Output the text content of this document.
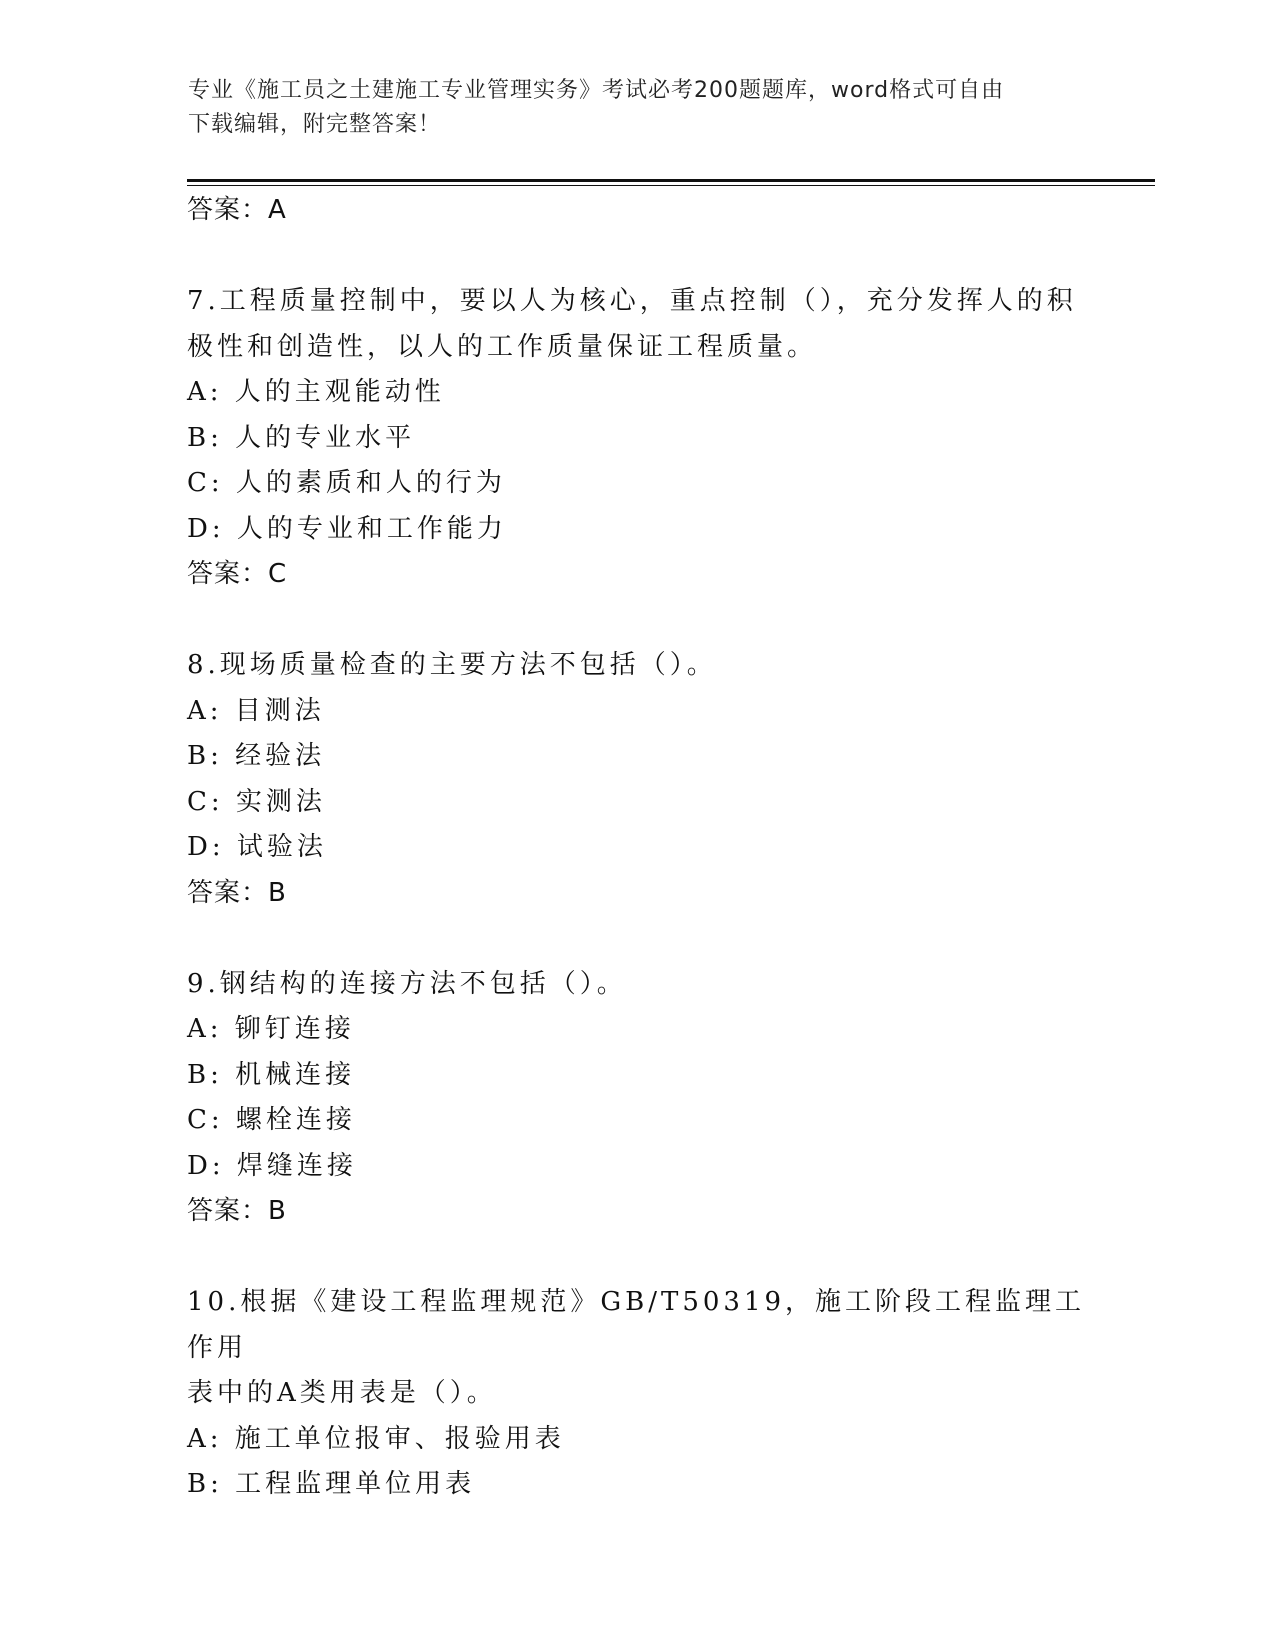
专业《施工员之土建施工专业管理实务》考试必考200题题库，word格式可自由
下载编辑，附完整答案！
答案：A
7.工程质量控制中，要以人为核心，重点控制（），充分发挥人的积
极性和创造性，以人的工作质量保证工程质量。
A: 人的主观能动性
B: 人的专业水平
C: 人的素质和人的行为
D: 人的专业和工作能力
答案：C
8.现场质量检查的主要方法不包括（）。
A: 目测法
B: 经验法
C: 实测法
D: 试验法
答案：B
9.钢结构的连接方法不包括（）。
A: 铆钉连接
B: 机械连接
C: 螺栓连接
D: 焊缝连接
答案：B
10.根据《建设工程监理规范》GB/T50319，施工阶段工程监理工作用
表中的A类用表是（）。
A: 施工单位报审、报验用表
B: 工程监理单位用表
